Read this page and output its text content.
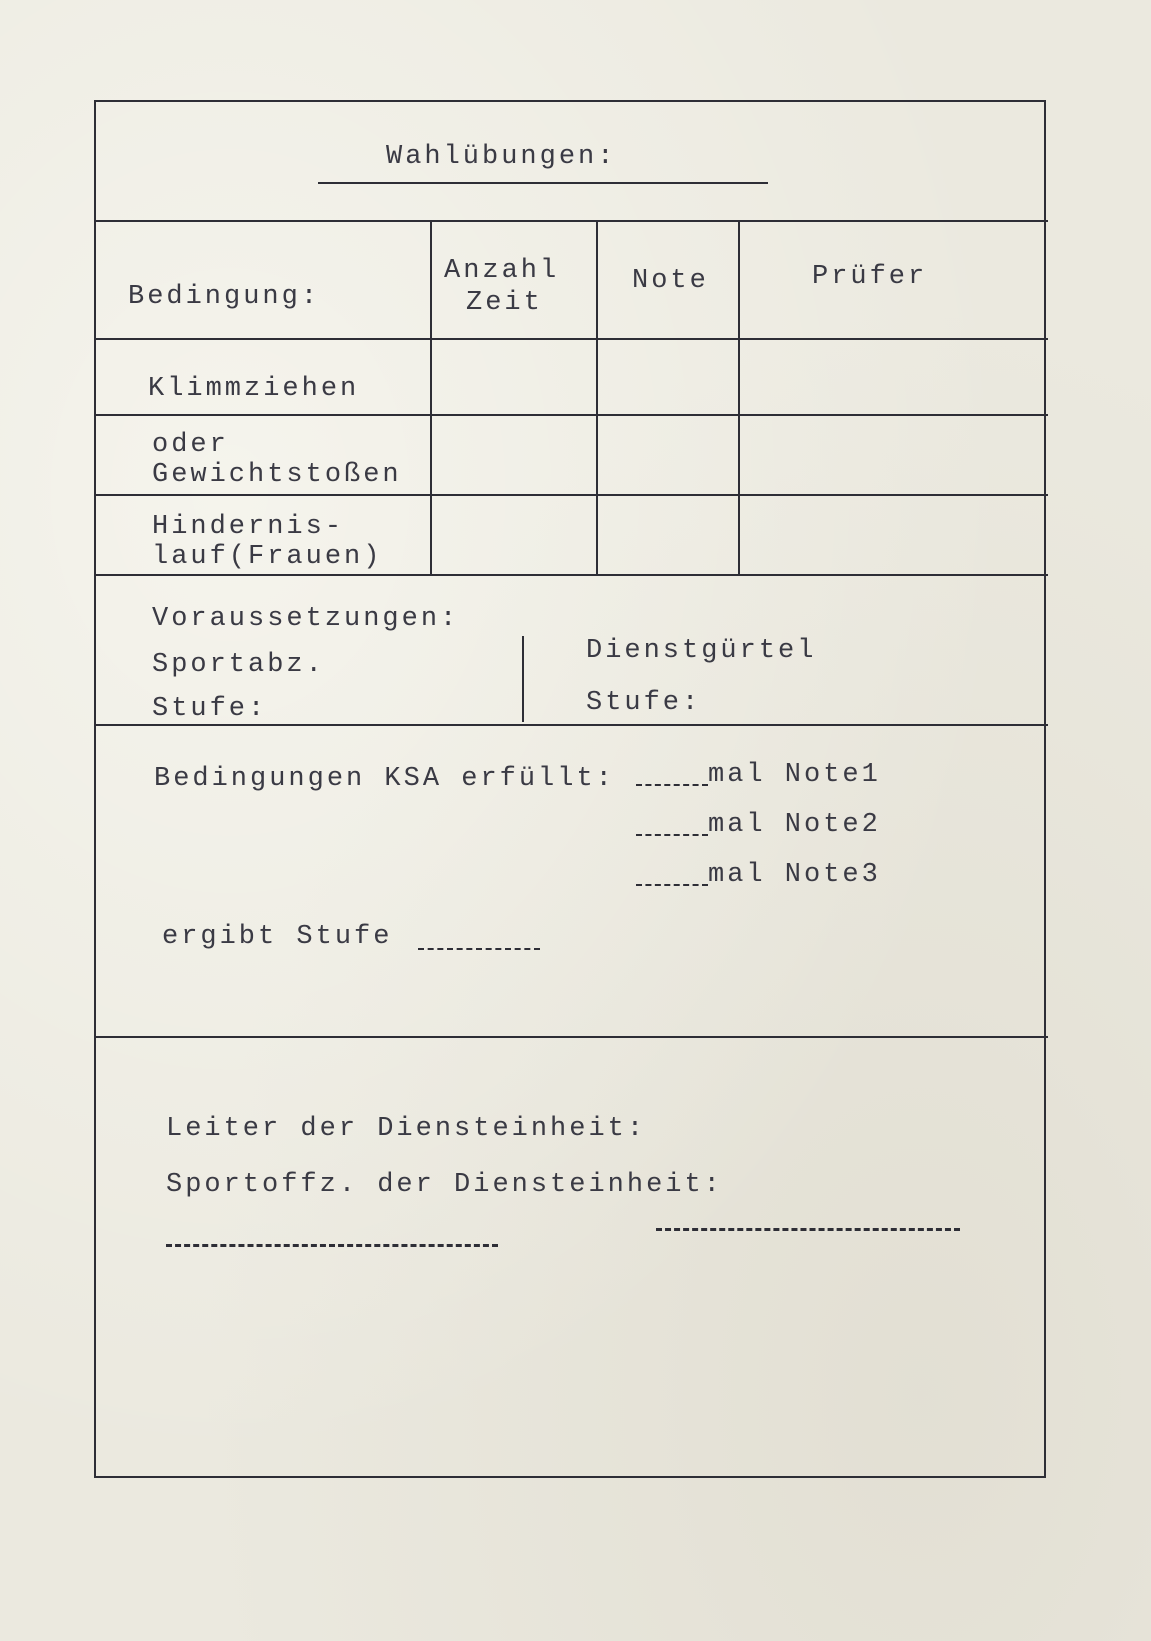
Wahlübungen:
Bedingung:
Anzahl
Zeit
Note	Prüfer
Klimmziehen
oder
Gewichtstoßen
Hindernis-
lauf(Frauen)
Voraussetzungen:
Sportabz.
Stufe:
Dienstgürtel
Stufe:
Bedingungen KSA erfüllt:	mal Note1
mal Note2
mal Note3
ergibt Stufe
Leiter der Diensteinheit:
Sportoffz. der Diensteinheit:
